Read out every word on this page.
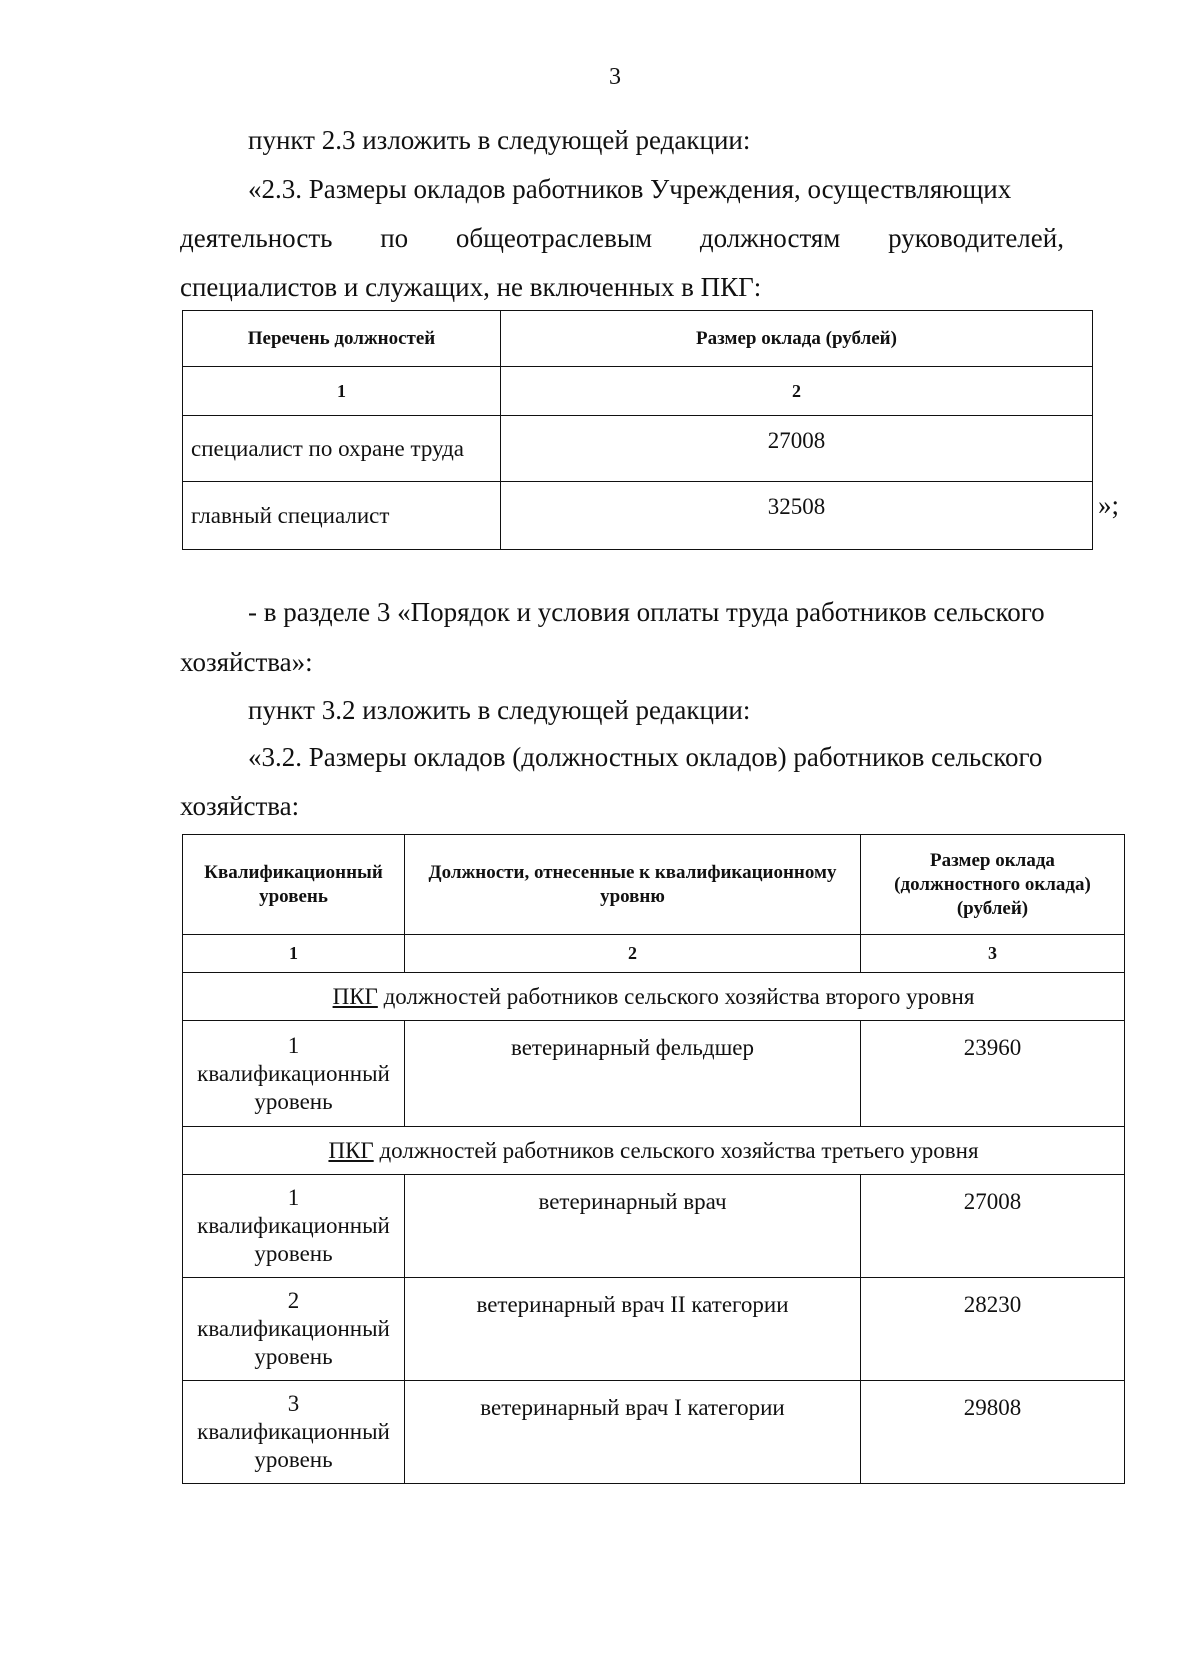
3
пункт 2.3 изложить в следующей редакции:
«2.3. Размеры окладов работников Учреждения, осуществляющих
деятельность по общеотраслевым должностям руководителей,
специалистов и служащих, не включенных в ПКГ:
Перечень должностей	Размер оклада (рублей)
1	2
специалист по охране труда	27008
главный специалист	32508	»;
- в разделе 3 «Порядок и условия оплаты труда работников сельского
хозяйства»:
пункт 3.2 изложить в следующей редакции:
«3.2. Размеры окладов (должностных окладов) работников сельского
хозяйства:
Квалификационный уровень	Должности, отнесенные к квалификационному уровню	Размер оклада (должностного оклада) (рублей)
1	2	3
ПКГ должностей работников сельского хозяйства второго уровня		

1
квалификационный
уровень	ветеринарный фельдшер	23960
ПКГ должностей работников сельского хозяйства третьего уровня		

1
квалификационный
уровень	ветеринарный врач	27008

2
квалификационный
уровень	ветеринарный врач II категории	28230

3
квалификационный
уровень	ветеринарный врач I категории	29808
